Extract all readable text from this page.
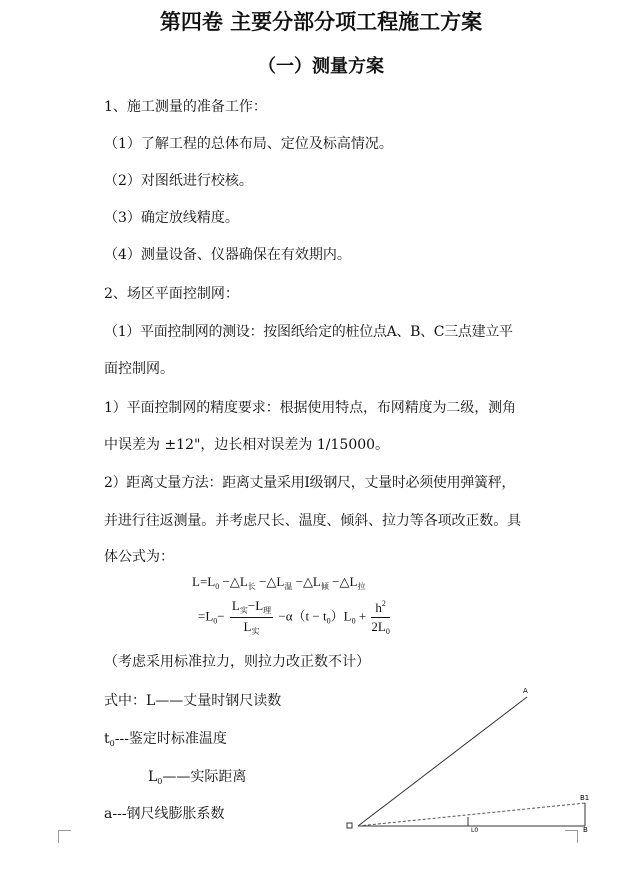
第四卷 主要分部分项工程施工方案
（一）测量方案
1、施工测量的准备工作：
（1）了解工程的总体布局、定位及标高情况。
（2）对图纸进行校核。
（3）确定放线精度。
（4）测量设备、仪器确保在有效期内。
2、场区平面控制网：
（1）平面控制网的测设：按图纸给定的桩位点A、B、C三点建立平
面控制网。
1）平面控制网的精度要求：根据使用特点，布网精度为二级，测角
中误差为 ±12"，边长相对误差为 1/15000。
2）距离丈量方法：距离丈量采用Ⅰ级钢尺，丈量时必须使用弹簧秤，
并进行往返测量。并考虑尺长、温度、倾斜、拉力等各项改正数。具
体公式为：
$L=L_0$ $-\triangle L_长$ $-\triangle L_温$ $-\triangle L_倾$ $-\triangle L_拉$
$=L_0- \frac{L_实-L_理}{L_实} -\alpha(t - t_0)L_0 + \frac{h^2}{2L_0}$
（考虑采用标准拉力，则拉力改正数不计）
式中：L——丈量时钢尺读数
$t_0---$鉴定时标准温度
$L_0——$实际距离
a---钢尺线膨胀系数
A
B1
B
L0
